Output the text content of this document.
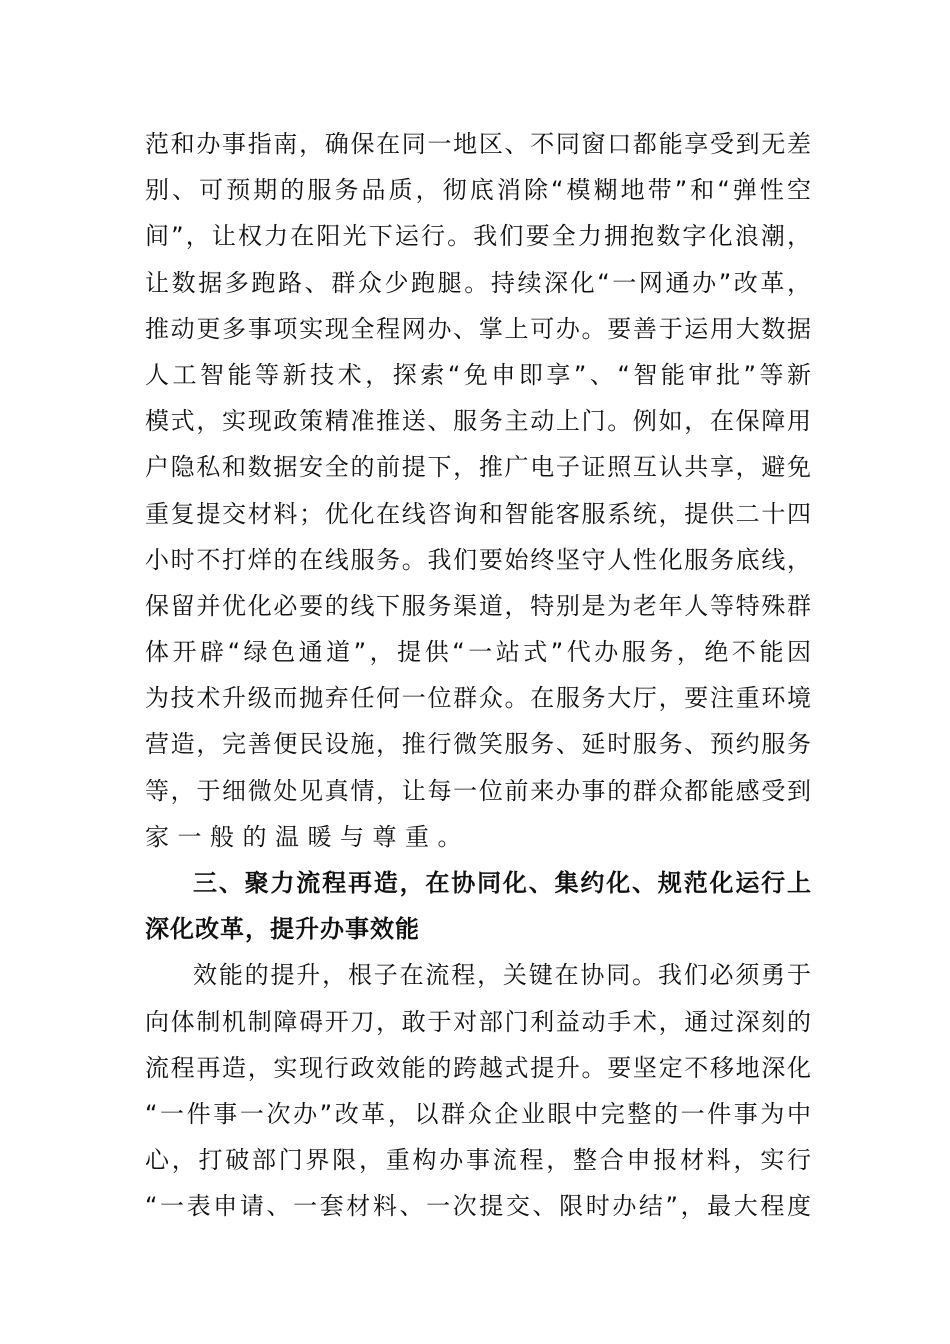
范和办事指南，确保在同一地区、不同窗口都能享受到无差
别、可预期的服务品质，彻底消除“模糊地带”和“弹性空
间”，让权力在阳光下运行。我们要全力拥抱数字化浪潮，
让数据多跑路、群众少跑腿。持续深化“一网通办”改革，
推动更多事项实现全程网办、掌上可办。要善于运用大数据
人工智能等新技术，探索“免申即享”、“智能审批”等新
模式，实现政策精准推送、服务主动上门。例如，在保障用
户隐私和数据安全的前提下，推广电子证照互认共享，避免
重复提交材料；优化在线咨询和智能客服系统，提供二十四
小时不打烊的在线服务。我们要始终坚守人性化服务底线，
保留并优化必要的线下服务渠道，特别是为老年人等特殊群
体开辟“绿色通道”，提供“一站式”代办服务，绝不能因
为技术升级而抛弃任何一位群众。在服务大厅，要注重环境
营造，完善便民设施，推行微笑服务、延时服务、预约服务
等，于细微处见真情，让每一位前来办事的群众都能感受到
家一般的温暖与尊重。
三、聚力流程再造，在协同化、集约化、规范化运行上
深化改革，提升办事效能
效能的提升，根子在流程，关键在协同。我们必须勇于
向体制机制障碍开刀，敢于对部门利益动手术，通过深刻的
流程再造，实现行政效能的跨越式提升。要坚定不移地深化
“一件事一次办”改革，以群众企业眼中完整的一件事为中
心，打破部门界限，重构办事流程，整合申报材料，实行
“一表申请、一套材料、一次提交、限时办结”，最大程度
